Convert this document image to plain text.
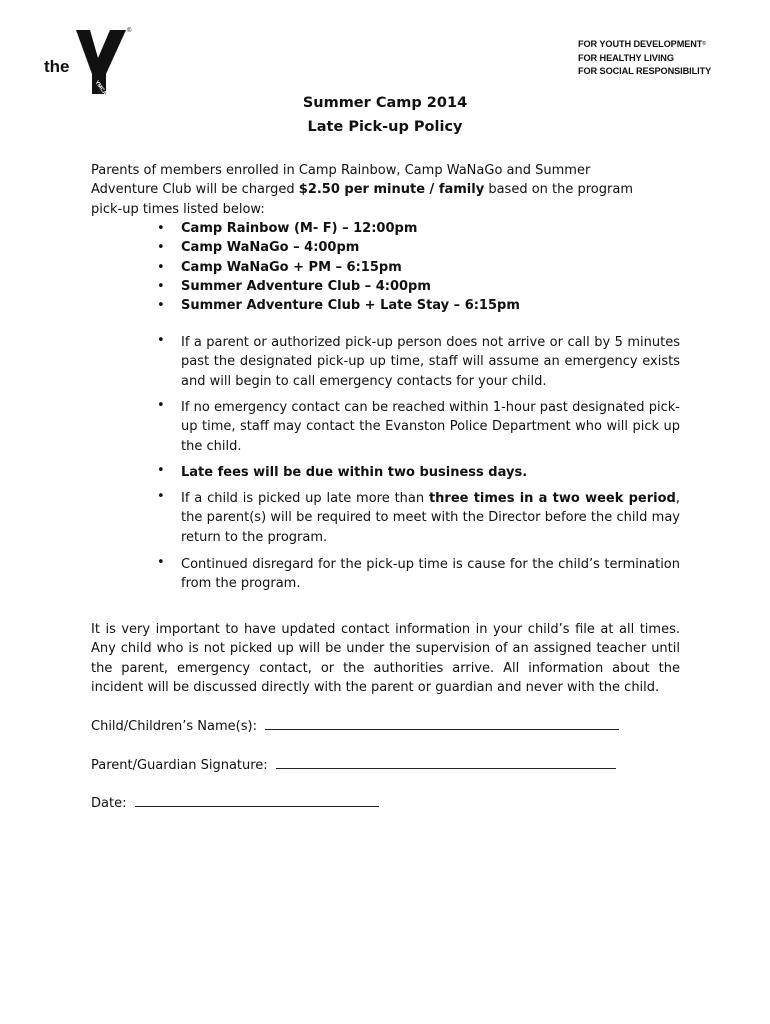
the
YMCA
®
FOR YOUTH DEVELOPMENT©
FOR HEALTHY LIVING
FOR SOCIAL RESPONSIBILITY
Summer Camp 2014
Late Pick-up Policy
Parents of members enrolled in Camp Rainbow, Camp WaNaGo and Summer Adventure Club will be charged $2.50 per minute / family based on the program pick-up times listed below:
• Camp Rainbow (M- F) – 12:00pm
• Camp WaNaGo – 4:00pm
• Camp WaNaGo + PM – 6:15pm
• Summer Adventure Club – 4:00pm
• Summer Adventure Club + Late Stay – 6:15pm
• If a parent or authorized pick-up person does not arrive or call by 5 minutes past the designated pick-up up time, staff will assume an emergency exists and will begin to call emergency contacts for your child.
• If no emergency contact can be reached within 1-hour past designated pick-up time, staff may contact the Evanston Police Department who will pick up the child.
• Late fees will be due within two business days.
• If a child is picked up late more than three times in a two week period, the parent(s) will be required to meet with the Director before the child may return to the program.
• Continued disregard for the pick-up time is cause for the child’s termination from the program.
It is very important to have updated contact information in your child’s file at all times. Any child who is not picked up will be under the supervision of an assigned teacher until the parent, emergency contact, or the authorities arrive. All information about the incident will be discussed directly with the parent or guardian and never with the child.
Child/Children’s Name(s):
Parent/Guardian Signature:
Date:
